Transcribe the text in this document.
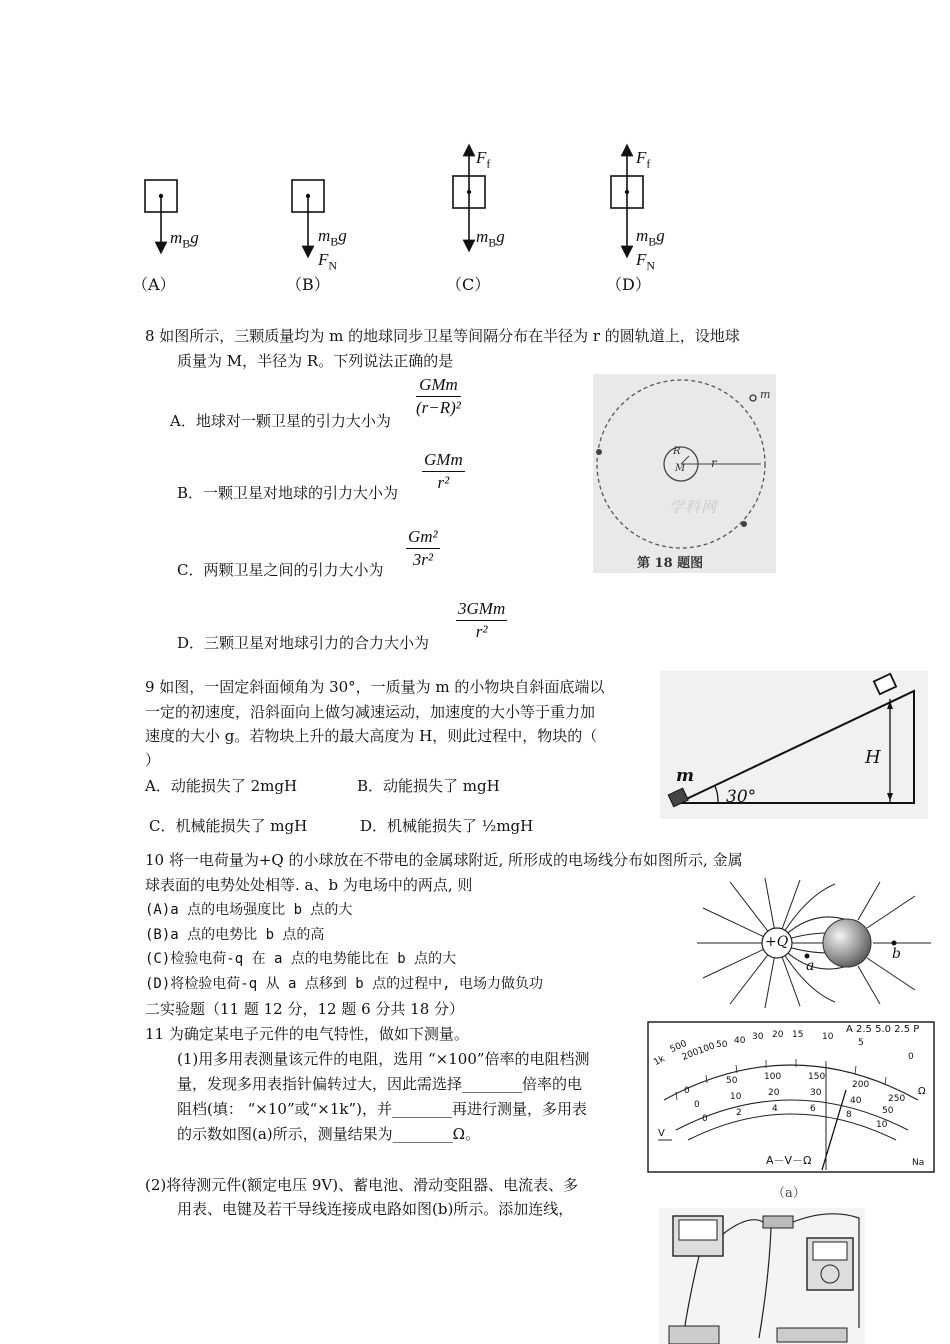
$m_Bg$	$m_Bg$
$F_N$
$F_f$
$m_Bg$
$F_f$
$m_Bg$
$F_N$
（A）	（B）	（C）	（D）
8 如图所示，三颗质量均为 m 的地球同步卫星等间隔分布在半径为 r 的圆轨道上，设地球
质量为 M，半径为 R。下列说法正确的是
A．地球对一颗卫星的引力大小为
GMm
(r−R)²
B．一颗卫星对地球的引力大小为
GMm
r²
C．两颗卫星之间的引力大小为 $\frac{\text{Gm²}}{\text{3r²}}$
D．三颗卫星对地球引力的合力大小为
3GMm
r²
m
r
R
M
学科网
第 18 题图
9 如图，一固定斜面倾角为 30°，一质量为 m 的小物块自斜面底端以
一定的初速度，沿斜面向上做匀减速运动，加速度的大小等于重力加
速度的大小 g。若物块上升的最大高度为 H，则此过程中，物块的（
）
A．动能损失了 2mgH	B．动能损失了 mgH
C．机械能损失了 mgH	D．机械能损失了 ½mgH
m
H
30°
10 将一电荷量为+Q 的小球放在不带电的金属球附近, 所形成的电场线分布如图所示, 金属
球表面的电势处处相等. a、b 为电场中的两点, 则
(A)a 点的电场强度比 b 点的大
(B)a 点的电势比 b 点的高
(C)检验电荷-q 在 a 点的电势能比在 b 点的大
(D)将检验电荷-q 从 a 点移到 b 点的过程中, 电场力做负功
+Q
a
b
二实验题（11 题 12 分，12 题 6 分共 18 分）
11 为确定某电子元件的电气特性，做如下测量。
(1)用多用表测量该元件的电阻，选用 “×100”倍率的电阻档测
量，发现多用表指针偏转过大，因此需选择________倍率的电
阻档(填： “×10”或“×1k”)，并________再进行测量，多用表
的示数如图(a)所示，测量结果为________Ω。
(2)将待测元件(额定电压 9V)、蓄电池、滑动变阻器、电流表、多
用表、电键及若干导线连接成电路如图(b)所示。添加连线，
A 2.5 5.0 2.5 P
1k
500
200
100 50 40 30 20 15 10
5
0
0
50	100	150
200
250
0
10	20	30
40
50
0
2	4	6
8
10
V
Ω
A－V－Ω	Na
（a）
